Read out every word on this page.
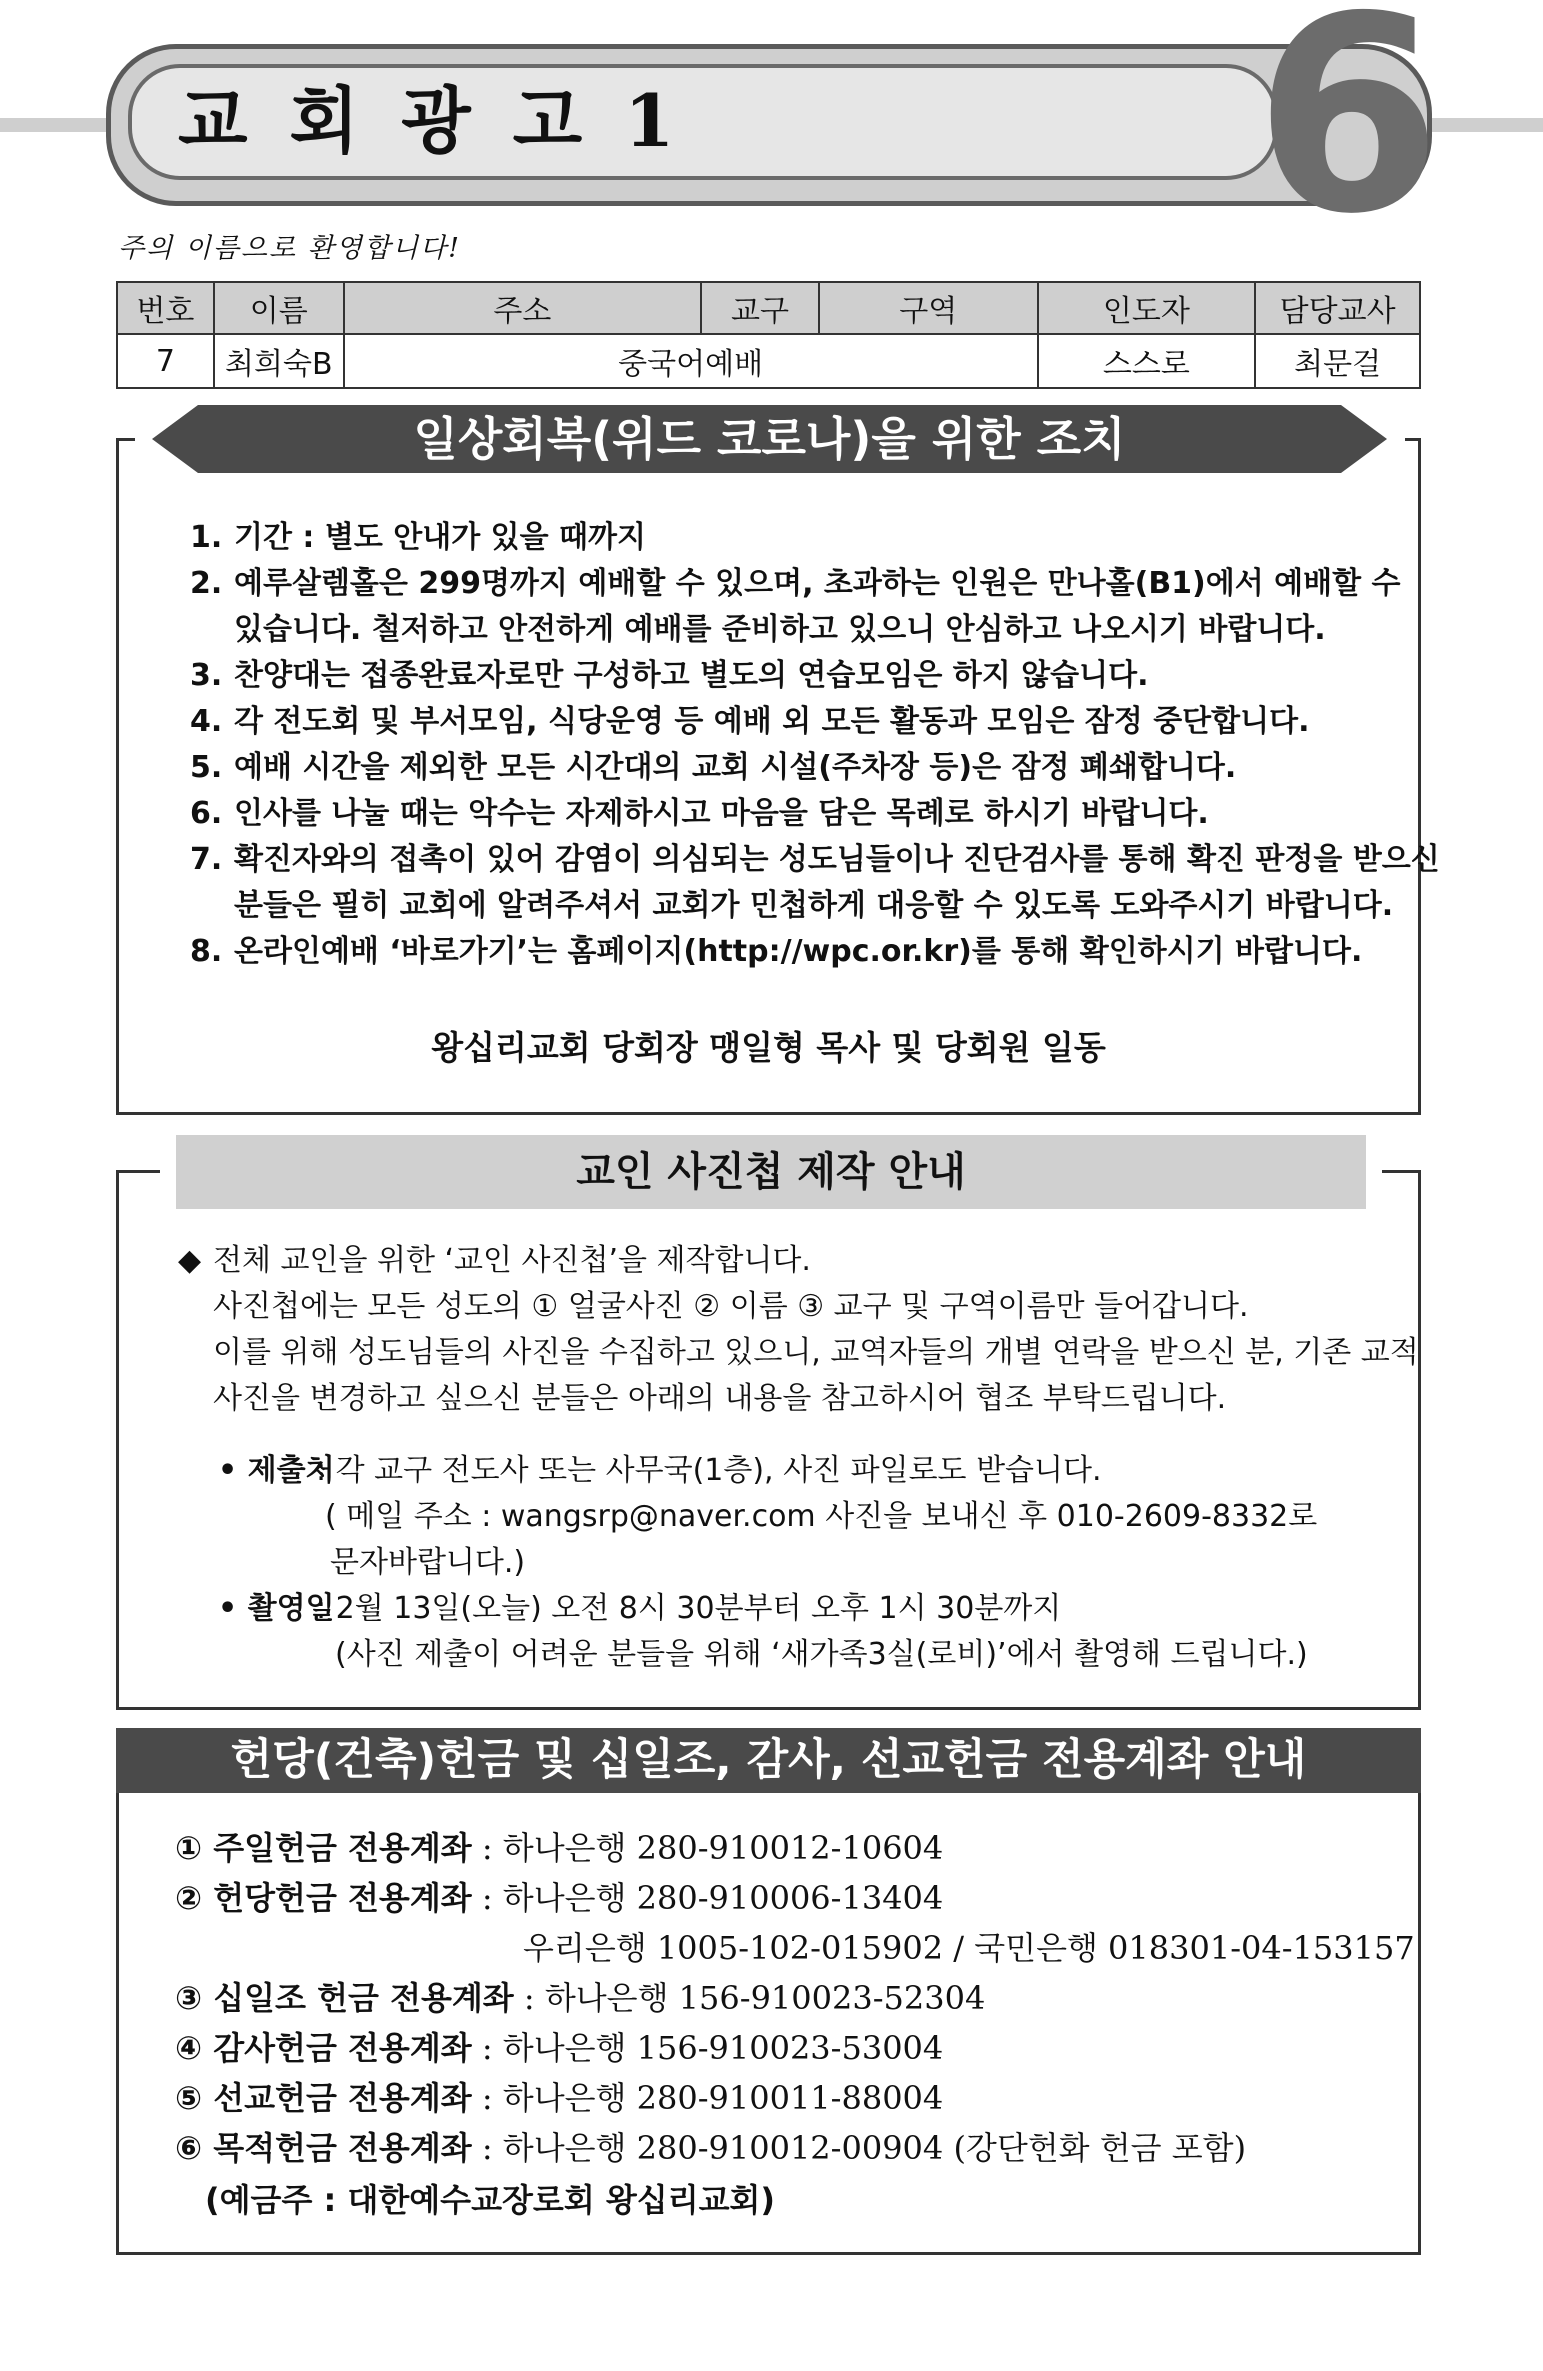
교회광고1 6
주의 이름으로 환영합니다!
번호	이름	주소	교구	구역	인도자	담당교사
7	최희숙B	중국어예배			스스로	최문걸
일상회복(위드 코로나)을 위한 조치
1. 기간 : 별도 안내가 있을 때까지
2. 예루살렘홀은 299명까지 예배할 수 있으며, 초과하는 인원은 만나홀(B1)에서 예배할 수
있습니다. 철저하고 안전하게 예배를 준비하고 있으니 안심하고 나오시기 바랍니다.
3. 찬양대는 접종완료자로만 구성하고 별도의 연습모임은 하지 않습니다.
4. 각 전도회 및 부서모임, 식당운영 등 예배 외 모든 활동과 모임은 잠정 중단합니다.
5. 예배 시간을 제외한 모든 시간대의 교회 시설(주차장 등)은 잠정 폐쇄합니다.
6. 인사를 나눌 때는 악수는 자제하시고 마음을 담은 목례로 하시기 바랍니다.
7. 확진자와의 접촉이 있어 감염이 의심되는 성도님들이나 진단검사를 통해 확진 판정을 받으신
분들은 필히 교회에 알려주셔서 교회가 민첩하게 대응할 수 있도록 도와주시기 바랍니다.
8. 온라인예배 ‘바로가기’는 홈페이지(http://wpc.or.kr)를 통해 확인하시기 바랍니다.
왕십리교회 당회장 맹일형 목사 및 당회원 일동
교인 사진첩 제작 안내
◆ 전체 교인을 위한 ‘교인 사진첩’을 제작합니다.
사진첩에는 모든 성도의 ① 얼굴사진 ② 이름 ③ 교구 및 구역이름만 들어갑니다.
이를 위해 성도님들의 사진을 수집하고 있으니, 교역자들의 개별 연락을 받으신 분, 기존 교적
사진을 변경하고 싶으신 분들은 아래의 내용을 참고하시어 협조 부탁드립니다.
• 제출처
: 각 교구 전도사 또는 사무국(1층), 사진 파일로도 받습니다.
( 메일 주소 : wangsrp@naver.com 사진을 보내신 후 010-2609-8332로
문자바랍니다.)
• 촬영일
: 2월 13일(오늘) 오전 8시 30분부터 오후 1시 30분까지
(사진 제출이 어려운 분들을 위해 ‘새가족3실(로비)’에서 촬영해 드립니다.)
헌당(건축)헌금 및 십일조, 감사, 선교헌금 전용계좌 안내
① 주일헌금 전용계좌 : 하나은행 280-910012-10604
② 헌당헌금 전용계좌 : 하나은행 280-910006-13404
우리은행 1005-102-015902 / 국민은행 018301-04-153157
③ 십일조 헌금 전용계좌 : 하나은행 156-910023-52304
④ 감사헌금 전용계좌 : 하나은행 156-910023-53004
⑤ 선교헌금 전용계좌 : 하나은행 280-910011-88004
⑥ 목적헌금 전용계좌 : 하나은행 280-910012-00904 (강단헌화 헌금 포함)
(예금주 : 대한예수교장로회 왕십리교회)
